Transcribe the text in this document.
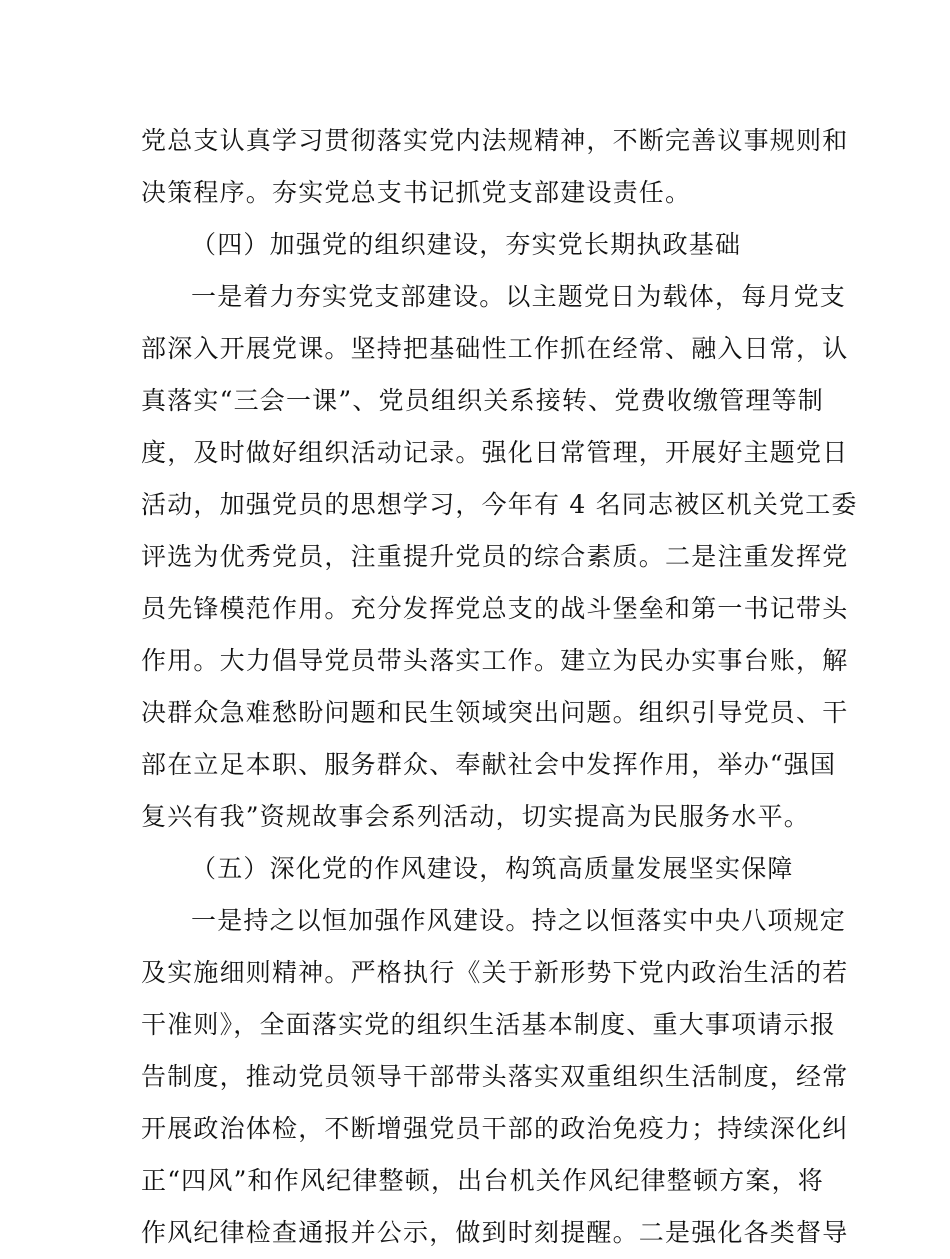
党总支认真学习贯彻落实党内法规精神，不断完善议事规则和
决策程序。夯实党总支书记抓党支部建设责任。
（四）加强党的组织建设，夯实党长期执政基础
一是着力夯实党支部建设。以主题党日为载体，每月党支
部深入开展党课。坚持把基础性工作抓在经常、融入日常，认
真落实“三会一课”、党员组织关系接转、党费收缴管理等制
度，及时做好组织活动记录。强化日常管理，开展好主题党日
活动，加强党员的思想学习，今年有 4 名同志被区机关党工委
评选为优秀党员，注重提升党员的综合素质。二是注重发挥党
员先锋模范作用。充分发挥党总支的战斗堡垒和第一书记带头
作用。大力倡导党员带头落实工作。建立为民办实事台账，解
决群众急难愁盼问题和民生领域突出问题。组织引导党员、干
部在立足本职、服务群众、奉献社会中发挥作用，举办“强国
复兴有我”资规故事会系列活动，切实提高为民服务水平。
（五）深化党的作风建设，构筑高质量发展坚实保障
一是持之以恒加强作风建设。持之以恒落实中央八项规定
及实施细则精神。严格执行《关于新形势下党内政治生活的若
干准则》，全面落实党的组织生活基本制度、重大事项请示报
告制度，推动党员领导干部带头落实双重组织生活制度，经常
开展政治体检，不断增强党员干部的政治免疫力；持续深化纠
正“四风”和作风纪律整顿，出台机关作风纪律整顿方案，将
作风纪律检查通报并公示，做到时刻提醒。二是强化各类督导
